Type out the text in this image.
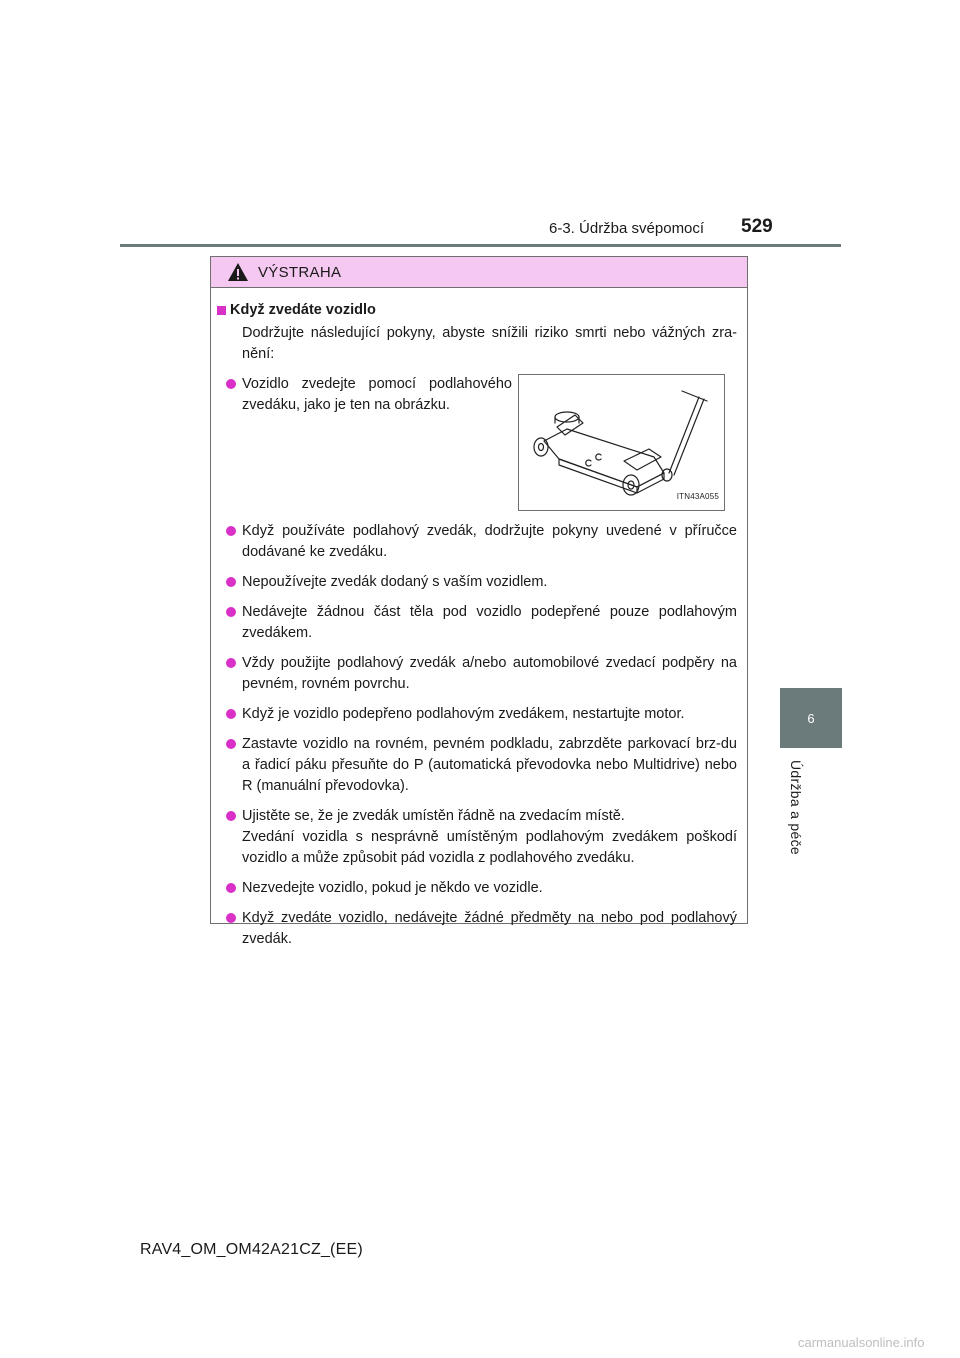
6-3. Údržba svépomocí 529
6
Údržba a péče
VÝSTRAHA
Když zvedáte vozidlo
Dodržujte následující pokyny, abyste snížili riziko smrti nebo vážných zra-nění:
Vozidlo zvedejte pomocí podlahového zvedáku, jako je ten na obrázku.
ITN43A055
Když používáte podlahový zvedák, dodržujte pokyny uvedené v příručce dodávané ke zvedáku.
Nepoužívejte zvedák dodaný s vaším vozidlem.
Nedávejte žádnou část těla pod vozidlo podepřené pouze podlahovým zvedákem.
Vždy použijte podlahový zvedák a/nebo automobilové zvedací podpěry na pevném, rovném povrchu.
Když je vozidlo podepřeno podlahovým zvedákem, nestartujte motor.
Zastavte vozidlo na rovném, pevném podkladu, zabrzděte parkovací brz-du a řadicí páku přesuňte do P (automatická převodovka nebo Multidrive) nebo R (manuální převodovka).
Ujistěte se, že je zvedák umístěn řádně na zvedacím místě.
Zvedání vozidla s nesprávně umístěným podlahovým zvedákem poškodí vozidlo a může způsobit pád vozidla z podlahového zvedáku.
Nezvedejte vozidlo, pokud je někdo ve vozidle.
Když zvedáte vozidlo, nedávejte žádné předměty na nebo pod podlahový zvedák.
RAV4_OM_OM42A21CZ_(EE)
carmanualsonline.info
